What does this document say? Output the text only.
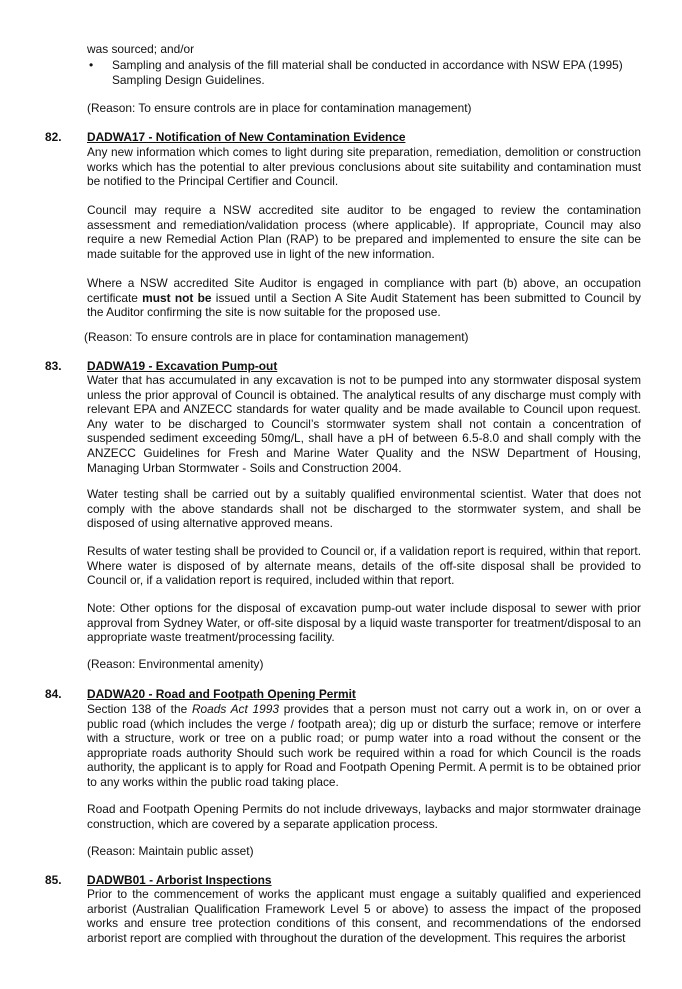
was sourced; and/or
• Sampling and analysis of the fill material shall be conducted in accordance with NSW EPA (1995) Sampling Design Guidelines.
(Reason: To ensure controls are in place for contamination management)
82. DADWA17 - Notification of New Contamination Evidence

Any new information which comes to light during site preparation, remediation, demolition or construction works which has the potential to alter previous conclusions about site suitability and contamination must be notified to the Principal Certifier and Council.

Council may require a NSW accredited site auditor to be engaged to review the contamination assessment and remediation/validation process (where applicable). If appropriate, Council may also require a new Remedial Action Plan (RAP) to be prepared and implemented to ensure the site can be made suitable for the approved use in light of the new information.

Where a NSW accredited Site Auditor is engaged in compliance with part (b) above, an occupation certificate must not be issued until a Section A Site Audit Statement has been submitted to Council by the Auditor confirming the site is now suitable for the proposed use.

(Reason: To ensure controls are in place for contamination management)
83. DADWA19 - Excavation Pump-out

Water that has accumulated in any excavation is not to be pumped into any stormwater disposal system unless the prior approval of Council is obtained. The analytical results of any discharge must comply with relevant EPA and ANZECC standards for water quality and be made available to Council upon request. Any water to be discharged to Council’s stormwater system shall not contain a concentration of suspended sediment exceeding 50mg/L, shall have a pH of between 6.5-8.0 and shall comply with the ANZECC Guidelines for Fresh and Marine Water Quality and the NSW Department of Housing, Managing Urban Stormwater - Soils and Construction 2004.

Water testing shall be carried out by a suitably qualified environmental scientist. Water that does not comply with the above standards shall not be discharged to the stormwater system, and shall be disposed of using alternative approved means.

Results of water testing shall be provided to Council or, if a validation report is required, within that report. Where water is disposed of by alternate means, details of the off-site disposal shall be provided to Council or, if a validation report is required, included within that report.

Note: Other options for the disposal of excavation pump-out water include disposal to sewer with prior approval from Sydney Water, or off-site disposal by a liquid waste transporter for treatment/disposal to an appropriate waste treatment/processing facility.

(Reason: Environmental amenity)
84. DADWA20 - Road and Footpath Opening Permit

Section 138 of the Roads Act 1993 provides that a person must not carry out a work in, on or over a public road (which includes the verge / footpath area); dig up or disturb the surface; remove or interfere with a structure, work or tree on a public road; or pump water into a road without the consent or the appropriate roads authority Should such work be required within a road for which Council is the roads authority, the applicant is to apply for Road and Footpath Opening Permit. A permit is to be obtained prior to any works within the public road taking place.

Road and Footpath Opening Permits do not include driveways, laybacks and major stormwater drainage construction, which are covered by a separate application process.

(Reason: Maintain public asset)
85. DADWB01 - Arborist Inspections

Prior to the commencement of works the applicant must engage a suitably qualified and experienced arborist (Australian Qualification Framework Level 5 or above) to assess the impact of the proposed works and ensure tree protection conditions of this consent, and recommendations of the endorsed arborist report are complied with throughout the duration of the development. This requires the arborist
